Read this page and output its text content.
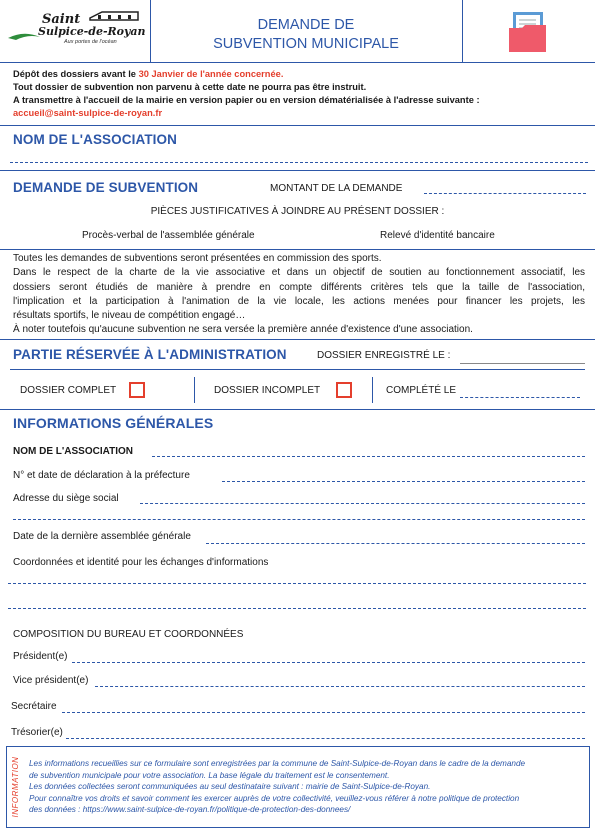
Saint
Sulpice-de-Royan
Aux portes de l'océan
DEMANDE DE
SUBVENTION MUNICIPALE
Dépôt des dossiers avant le 30 Janvier de l'année concernée.
Tout dossier de subvention non parvenu à cette date ne pourra pas être instruit.
A transmettre à l'accueil de la mairie en version papier ou en version dématérialisée à l'adresse suivante :
accueil@saint-sulpice-de-royan.fr
NOM DE L'ASSOCIATION
DEMANDE DE SUBVENTION	MONTANT DE LA DEMANDE
PIÈCES JUSTIFICATIVES À JOINDRE AU PRÉSENT DOSSIER :
Procès-verbal de l'assemblée générale	Relevé d'identité bancaire
Toutes les demandes de subventions seront présentées en commission des sports.
Dans le respect de la charte de la vie associative et dans un objectif de soutien au fonctionnement associatif, les
dossiers seront étudiés de manière à prendre en compte différents critères tels que la taille de l'association,
l'implication et la participation à l'animation de la vie locale, les actions menées pour financer les projets, les
résultats sportifs, le niveau de compétition engagé…
À noter toutefois qu'aucune subvention ne sera versée la première année d'existence d'une association.
PARTIE RÉSERVÉE À L'ADMINISTRATION	DOSSIER ENREGISTRÉ LE :
DOSSIER COMPLET	DOSSIER INCOMPLET	COMPLÉTÉ LE
INFORMATIONS GÉNÉRALES
NOM DE L'ASSOCIATION
N° et date de déclaration à la préfecture
Adresse du siège social
Date de la dernière assemblée générale
Coordonnées et identité pour les échanges d'informations
COMPOSITION DU BUREAU ET COORDONNÉES
Président(e)
Vice président(e)
Secrétaire
Trésorier(e)
INFORMATION	Les informations recueillies sur ce formulaire sont enregistrées par la commune de Saint-Sulpice-de-Royan dans le cadre de la demande
de subvention municipale pour votre association. La base légale du traitement est le consentement.
Les données collectées seront communiquées au seul destinataire suivant : mairie de Saint-Sulpice-de-Royan.
Pour connaître vos droits et savoir comment les exercer auprès de votre collectivité, veuillez-vous référer à notre politique de protection
des données : https://www.saint-sulpice-de-royan.fr/politique-de-protection-des-donnees/
